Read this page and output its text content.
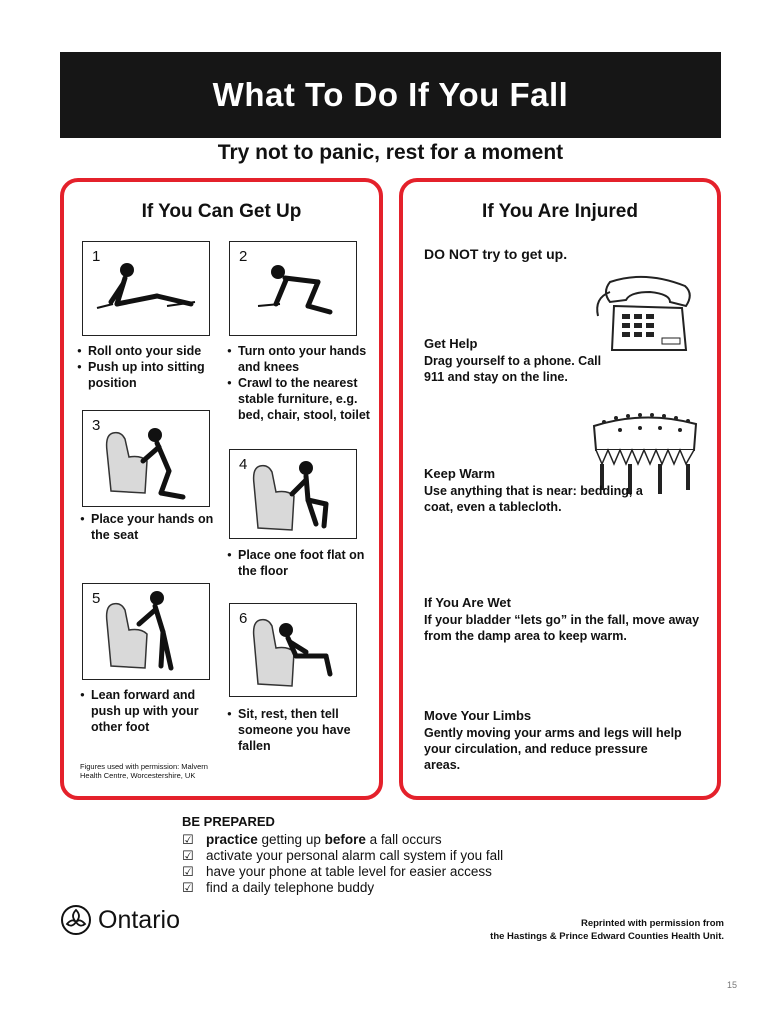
What To Do If You Fall
Try not to panic, rest for a moment
If You Can Get Up
1
● Roll onto your side
● Push up into sitting position
2
● Turn onto your hands and knees
● Crawl to the nearest stable furniture, e.g. bed, chair, stool, toilet
3
● Place your hands on the seat
4
● Place one foot flat on the floor
5
● Lean forward and push up with your other foot
6
● Sit, rest, then tell someone you have fallen
Figures used with permission: Malvern Health Centre, Worcestershire, UK
If You Are Injured
DO NOT try to get up.
Get Help
Drag yourself to a phone. Call 911 and stay on the line.
Keep Warm
Use anything that is near: bedding, a coat, even a tablecloth.
If You Are Wet
If your bladder “lets go” in the fall, move away from the damp area to keep warm.
Move Your Limbs
Gently moving your arms and legs will help your circulation, and reduce pressure areas.
BE PREPARED
☑ practice getting up before a fall occurs
☑ activate your personal alarm call system if you fall
☑ have your phone at table level for easier access
☑ find a daily telephone buddy
Ontario	Reprinted with permission from
the Hastings & Prince Edward Counties Health Unit.
15
